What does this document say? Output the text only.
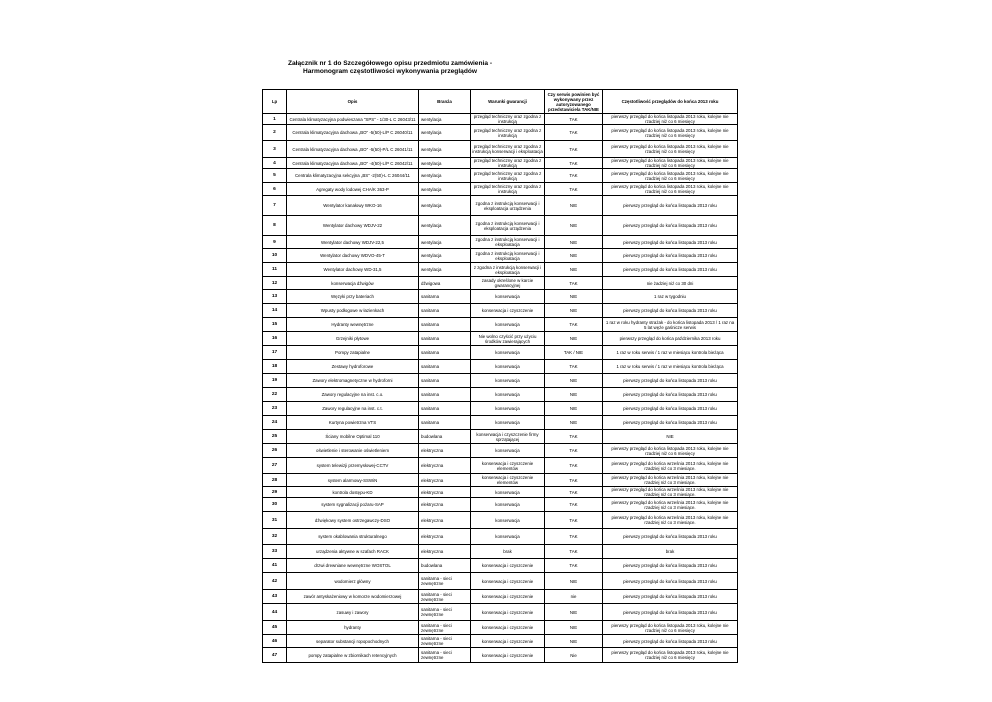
Załącznik nr 1 do Szczegółowego opisu przedmiotu zamówienia -
Harmonogram częstotliwości wykonywania przeglądów
Lp	Opis	Branża	Warunki gwarancji	Czy serwis powinien być wykonywany przez autoryzowanego przedstawiciela TAK/NIE	Częstotliwość przeglądów do końca 2013 roku
1	Centrala klimatyzacyjna podwieszana "SPS" - 1/30-L C 26043/11	wentylacja	przegląd techniczny oraz zgodna z instrukcją	TAK	pierwszy przegląd do końca listopada 2013 roku, kolejne nie rzadziej niż co 6 miesięcy
2	Centrala klimatyzacyjna dachowa „BO" -5(50)-L/P C 26040/11	wentylacja	przegląd techniczny oraz zgodna z instrukcją	TAK	pierwszy przegląd do końca listopada 2013 roku, kolejne nie rzadziej niż co 6 miesięcy
3	Centrala klimatyzacyjna dachowa „BO" -5(50)-P/L C 26041/11	wentylacja	przegląd techniczny oraz zgodna z instrukcją konserwacji i eksploatacja	TAK	pierwszy przegląd do końca listopada 2013 roku, kolejne nie rzadziej niż co 6 miesięcy
4	Centrala klimatyzacyjna dachowa „BO" -4(50)-L/P C 26042/11	wentylacja	przegląd techniczny oraz zgodna z instrukcją	TAK	pierwszy przegląd do końca listopada 2013 roku, kolejne nie rzadziej niż co 6 miesięcy
5	Centrala klimatyzacyjna sekcyjna „BS" -2(50)-L C 26044/11	wentylacja	przegląd techniczny oraz zgodna z instrukcją	TAK	pierwszy przegląd do końca listopada 2013 roku, kolejne nie rzadziej niż co 6 miesięcy
6	Agregaty wody lodowej CHA/K 363-P	wentylacja	przegląd techniczny oraz zgodna z instrukcją	TAK	pierwszy przegląd do końca listopada 2013 roku, kolejne nie rzadziej niż co 6 miesięcy
7	Wentylator kanałowy WKO-16	wentylacja	zgodna z instrukcją konserwacji i eksploatacja urządzenia	NIE	pierwszy przegląd do końca listopada 2013 roku
8	Wentylator dachowy WDJV-22	wentylacja	zgodna z instrukcją konserwacji i eksploatacja urządzenia	NIE	pierwszy przegląd do końca listopada 2013 roku
9	Wentylator dachowy WDJV-22,5	wentylacja	zgodna z instrukcją konserwacji i eksploatacja	NIE	pierwszy przegląd do końca listopada 2013 roku
10	Wentylator dachowy WDVO-45-T	wentylacja	zgodna z instrukcją konserwacji i eksploatacja	NIE	pierwszy przegląd do końca listopada 2013 roku
11	Wentylator dachowy WD-31,5	wentylacja	z zgodna z instrukcją konserwacji i eksploatacja	NIE	pierwszy przegląd do końca listopada 2013 roku
12	konserwacja dźwigów	dźwigowa	zasady określone w karcie gwarancyjnej	TAK	nie żadziej niż co 30 dni
13	Węzyki przy bateriach	sanitarna	konserwacja	NIE	1 raz w tygodniu
14	Wpusty podłogowe w łazienkach	sanitarna	konserwacja i czyszczenie	NIE	pierwszy przegląd do końca listopada 2013 roku
15	Hydranty wewnętrzne	sanitarna	konserwacja	TAK	1 raz w roku hydranty strażak - do końca listopada 2013 / 1 raz na 5 lat węże gaśnicze serwis
16	Grzejniki płytowe	sanitarna	Nie wolno czyścić przy użyciu środków zawierających	NIE	pierwszy przegląd do końca października 2013 roku
17	Pompy zatapialne	sanitarna	konserwacja	TAK / NIE	1 raz w roku serwis / 1 raz w miesiącu kontrola bieżąca
18	Zestawy hydroforowe	sanitarna	konserwacja	TAK	1 raz w roku serwis / 1 raz w miesiącu kontrola bieżąca
19	Zawory elektromagnetyczne w hydroforni	sanitarna	konserwacja	NIE	pierwszy przegląd do końca listopada 2013 roku
22	Zawory regulacyjne na inst. c.o.	sanitarna	konserwacja	NIE	pierwszy przegląd do końca listopada 2013 roku
23	Zawory regulacyjne na inst. c.t.	sanitarna	konserwacja	NIE	pierwszy przegląd do końca listopada 2013 roku
24	Kurtyna powietrzna VTS	sanitarna	konserwacja	NIE	pierwszy przegląd do końca listopada 2013 roku
25	Ściany mobilne Optimal 110	budowlana	konserwacja i czyszczenie firmy sprzątającej	TAK	NIE
26	oświetlenie i sterowanie oświetleniem	elektryczna	konserwacja	TAK	pierwszy przegląd do końca listopada 2013 roku, kolejne nie rzadziej niż co 6 miesięcy
27	system telewizji przemysłowej-CCTV	elektryczna	konserwacja i czyszczenie elementów	TAK	pierwszy przegląd do końca września 2013 roku, kolejne nie rzadziej niż co 3 miesiące.
28	system alarmowy-SSWiN	elektryczna	konserwacja i czyszczenie elementów	TAK	pierwszy przegląd do końca września 2013 roku, kolejne nie rzadziej niż co 3 miesiące.
29	kontrola dostępu-KD	elektryczna	konserwacja	TAK	pierwszy przegląd do końca września 2013 roku, kolejne nie rzadziej niż co 3 miesiące.
30	system sygnalizacji pożaru-SAP	elektryczna	konserwacja	TAK	pierwszy przegląd do końca września 2013 roku, kolejne nie rzadziej niż co 3 miesiące.
31	dźwiękowy system ostrzegawczy-DSO	elektryczna	konserwacja	TAK	pierwszy przegląd do końca września 2013 roku, kolejne nie rzadziej niż co 3 miesiące.
32	system okablowania strukturalnego	elektryczna	konserwacja	TAK	pierwszy przegląd do końca listopada 2013 roku
33	urządzenia aktywne w szafach RACK	elektryczna	brak	TAK	brak
41	drzwi drewniane wewnętrzne WOSTOL	budowlana	konserwacja i czyszczenie	TAK	pierwszy przegląd do końca listopada 2013 roku
42	wodomierz główny	sanitarna - sieci zewnętrzne	konserwacja i czyszczenie	NIE	pierwszy przegląd do końca listopada 2013 roku
43	zawór antyskażeniowy w komorze wodomierzowej	sanitarna - sieci zewnętrzne	konserwacja i czyszczenie	nie	pierwszy przegląd do końca listopada 2013 roku
44	zasuwy i zawory	sanitarna - sieci zewnętrzne	konserwacja i czyszczenie	NIE	pierwszy przegląd do końca listopada 2013 roku
45	hydranty	sanitarna - sieci zewnętrzne	konserwacja i czyszczenie	NIE	pierwszy przegląd do końca listopada 2013 roku, kolejne nie rzadziej niż co 6 miesięcy
46	separator substancji ropopochodnych	sanitarna - sieci zewnętrzne	konserwacja i czyszczenie	NIE	pierwszy przegląd do końca listopada 2013 roku
47	pompy zatapialne w zbiornikach retencyjnych	sanitarna - sieci zewnętrzne	konserwacja i czyszczenie	Nie	pierwszy przegląd do końca listopada 2013 roku, kolejne nie rzadziej niż co 6 miesięcy
